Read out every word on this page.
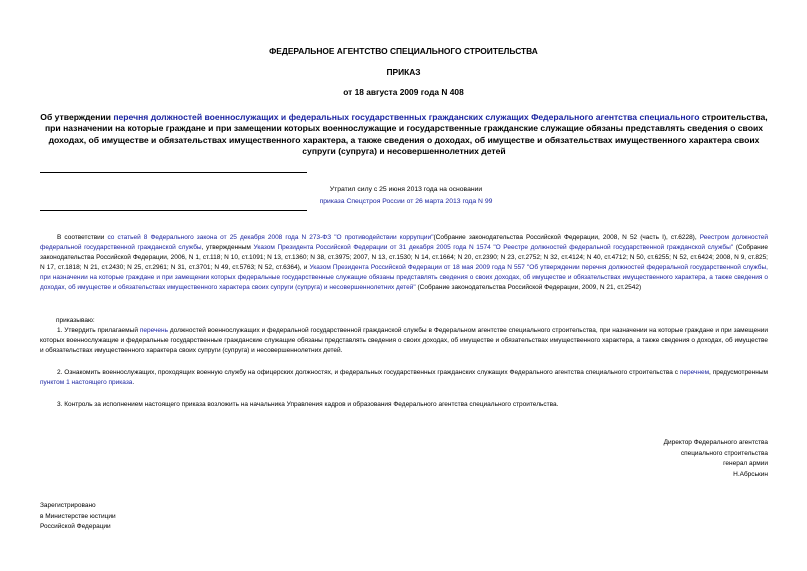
ФЕДЕРАЛЬНОЕ АГЕНТСТВО СПЕЦИАЛЬНОГО СТРОИТЕЛЬСТВА
ПРИКАЗ
от 18 августа 2009 года N 408
Об утверждении перечня должностей военнослужащих и федеральных государственных гражданских служащих Федерального агентства специального строительства, при назначении на которые граждане и при замещении которых военнослужащие и государственные гражданские служащие обязаны представлять сведения о своих доходах, об имуществе и обязательствах имущественного характера, а также сведения о доходах, об имуществе и обязательствах имущественного характера своих супруги (супруга) и несовершеннолетних детей
Утратил силу с 25 июня 2013 года на основании
приказа Спецстроя России от 26 марта 2013 года N 99
В соответствии со статьей 8 Федерального закона от 25 декабря 2008 года N 273-ФЗ "О противодействии коррупции"(Собрание законодательства Российской Федерации, 2008, N 52 (часть I), ст.6228), Реестром должностей федеральной государственной гражданской службы, утвержденным Указом Президента Российской Федерации от 31 декабря 2005 года N 1574 "О Реестре должностей федеральной государственной гражданской службы" (Собрание законодательства Российской Федерации, 2006, N 1, ст.118; N 10, ст.1091; N 13, ст.1360; N 38, ст.3975; 2007, N 13, ст.1530; N 14, ст.1664; N 20, ст.2390; N 23, ст.2752; N 32, ст.4124; N 40, ст.4712; N 50, ст.6255; N 52, ст.6424; 2008, N 9, ст.825; N 17, ст.1818; N 21, ст.2430; N 25, ст.2961; N 31, ст.3701; N 49, ст.5763; N 52, ст.6364), и Указом Президента Российской Федерации от 18 мая 2009 года N 557 "Об утверждении перечня должностей федеральной государственной службы, при назначении на которые граждане и при замещении которых федеральные государственные служащие обязаны представлять сведения о своих доходах, об имуществе и обязательствах имущественного характера, а также сведения о доходах, об имуществе и обязательствах имущественного характера своих супруги (супруга) и несовершеннолетних детей" (Собрание законодательства Российской Федерации, 2009, N 21, ст.2542)
приказываю:
1. Утвердить прилагаемый перечень должностей военнослужащих и федеральной государственной гражданской службы в Федеральном агентстве специального строительства, при назначении на которые граждане и при замещении которых военнослужащие и федеральные государственные гражданские служащие обязаны представлять сведения о своих доходах, об имуществе и обязательствах имущественного характера, а также сведения о доходах, об имуществе и обязательствах имущественного характера своих супруги (супруга) и несовершеннолетних детей.
2. Ознакомить военнослужащих, проходящих военную службу на офицерских должностях, и федеральных государственных гражданских служащих Федерального агентства специального строительства с перечнем, предусмотренным пунктом 1 настоящего приказа.
3. Контроль за исполнением настоящего приказа возложить на начальника Управления кадров и образования Федерального агентства специального строительства.
Директор Федерального агентства
специального строительства
генерал армии
Н.Абрськин
Зарегистрировано
в Министерстве юстиции
Российской Федерации
